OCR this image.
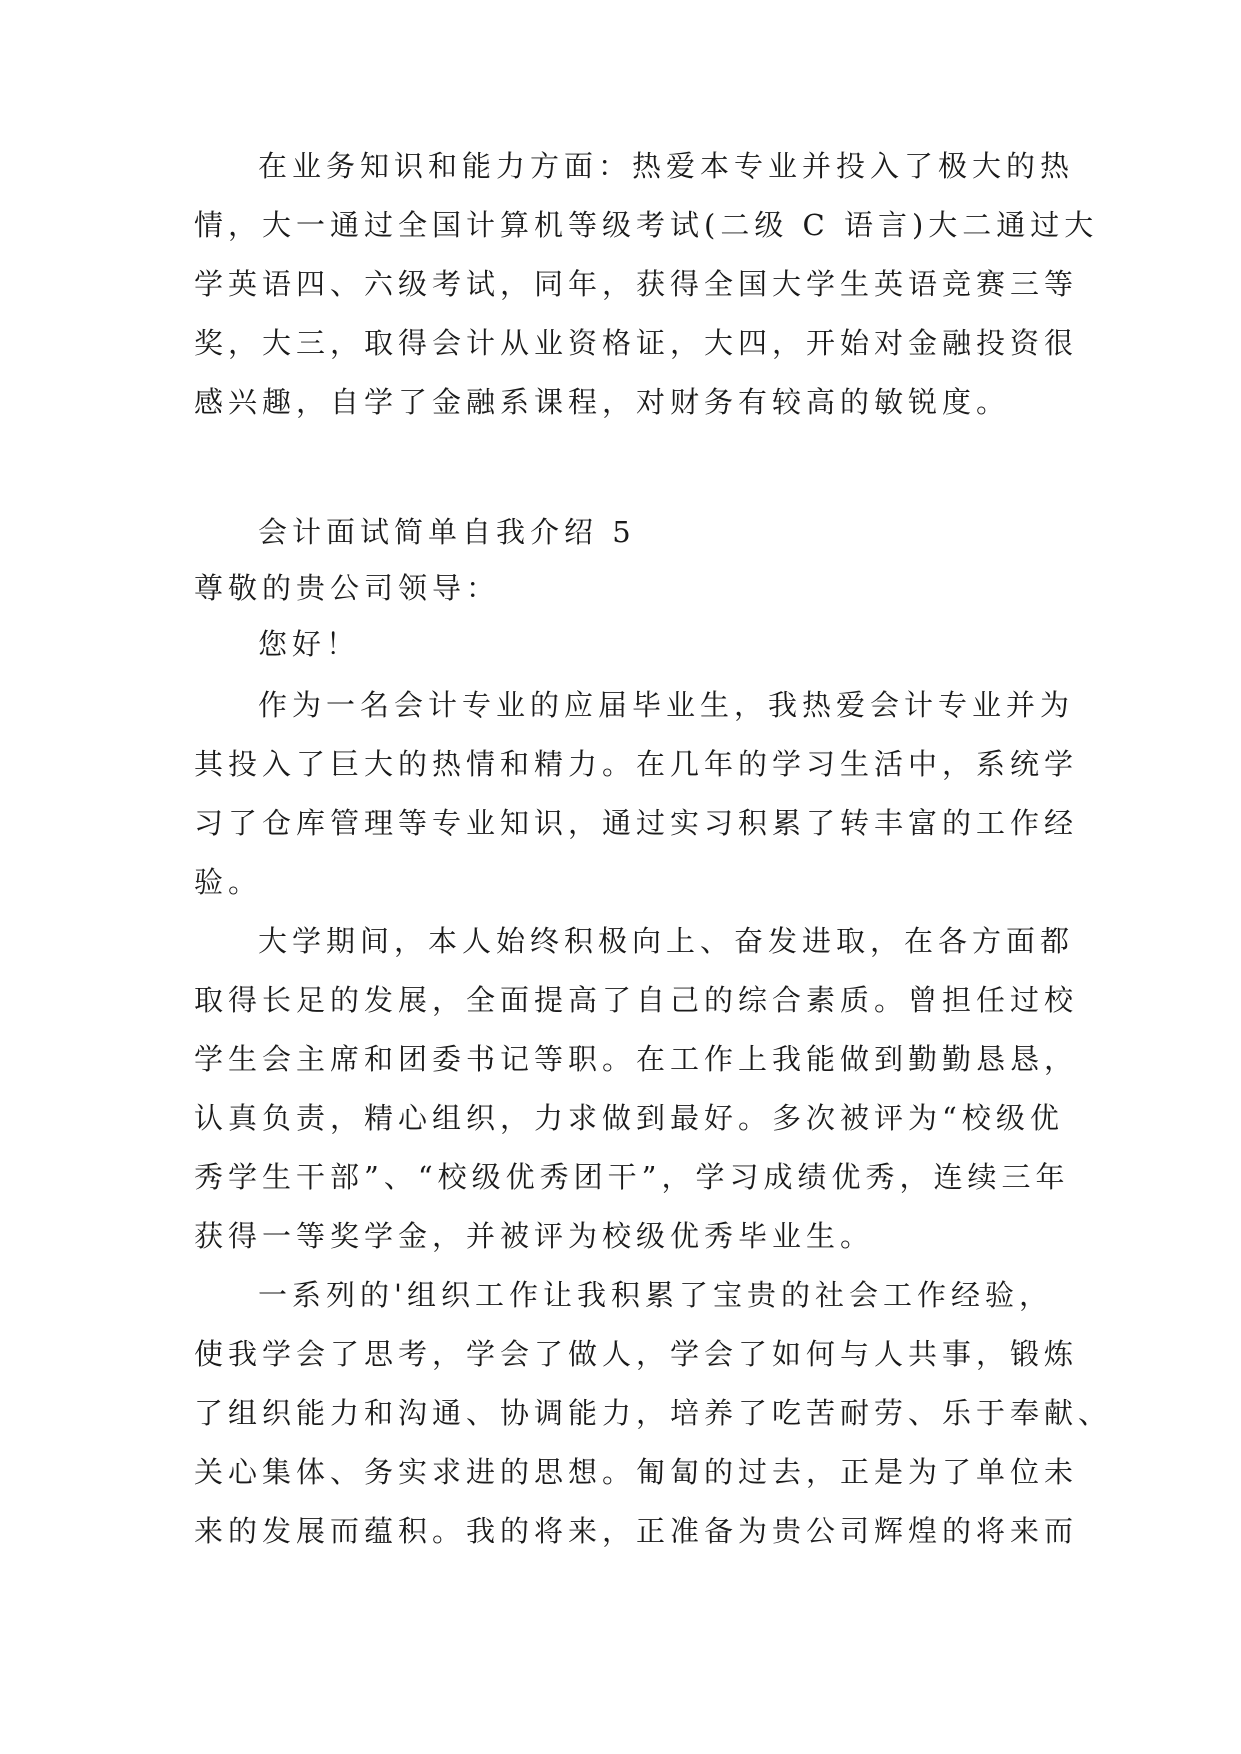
在业务知识和能力方面：热爱本专业并投入了极大的热
情，大一通过全国计算机等级考试(二级 C 语言)大二通过大
学英语四、六级考试，同年，获得全国大学生英语竞赛三等
奖，大三，取得会计从业资格证，大四，开始对金融投资很
感兴趣，自学了金融系课程，对财务有较高的敏锐度。
会计面试简单自我介绍 5
尊敬的贵公司领导：
您好！
作为一名会计专业的应届毕业生，我热爱会计专业并为
其投入了巨大的热情和精力。在几年的学习生活中，系统学
习了仓库管理等专业知识，通过实习积累了转丰富的工作经
验。
大学期间，本人始终积极向上、奋发进取，在各方面都
取得长足的发展，全面提高了自己的综合素质。曾担任过校
学生会主席和团委书记等职。在工作上我能做到勤勤恳恳，
认真负责，精心组织，力求做到最好。多次被评为“校级优
秀学生干部”、“校级优秀团干”，学习成绩优秀，连续三年
获得一等奖学金，并被评为校级优秀毕业生。
一系列的'组织工作让我积累了宝贵的社会工作经验，
使我学会了思考，学会了做人，学会了如何与人共事，锻炼
了组织能力和沟通、协调能力，培养了吃苦耐劳、乐于奉献、
关心集体、务实求进的思想。匍匐的过去，正是为了单位未
来的发展而蕴积。我的将来，正准备为贵公司辉煌的将来而
